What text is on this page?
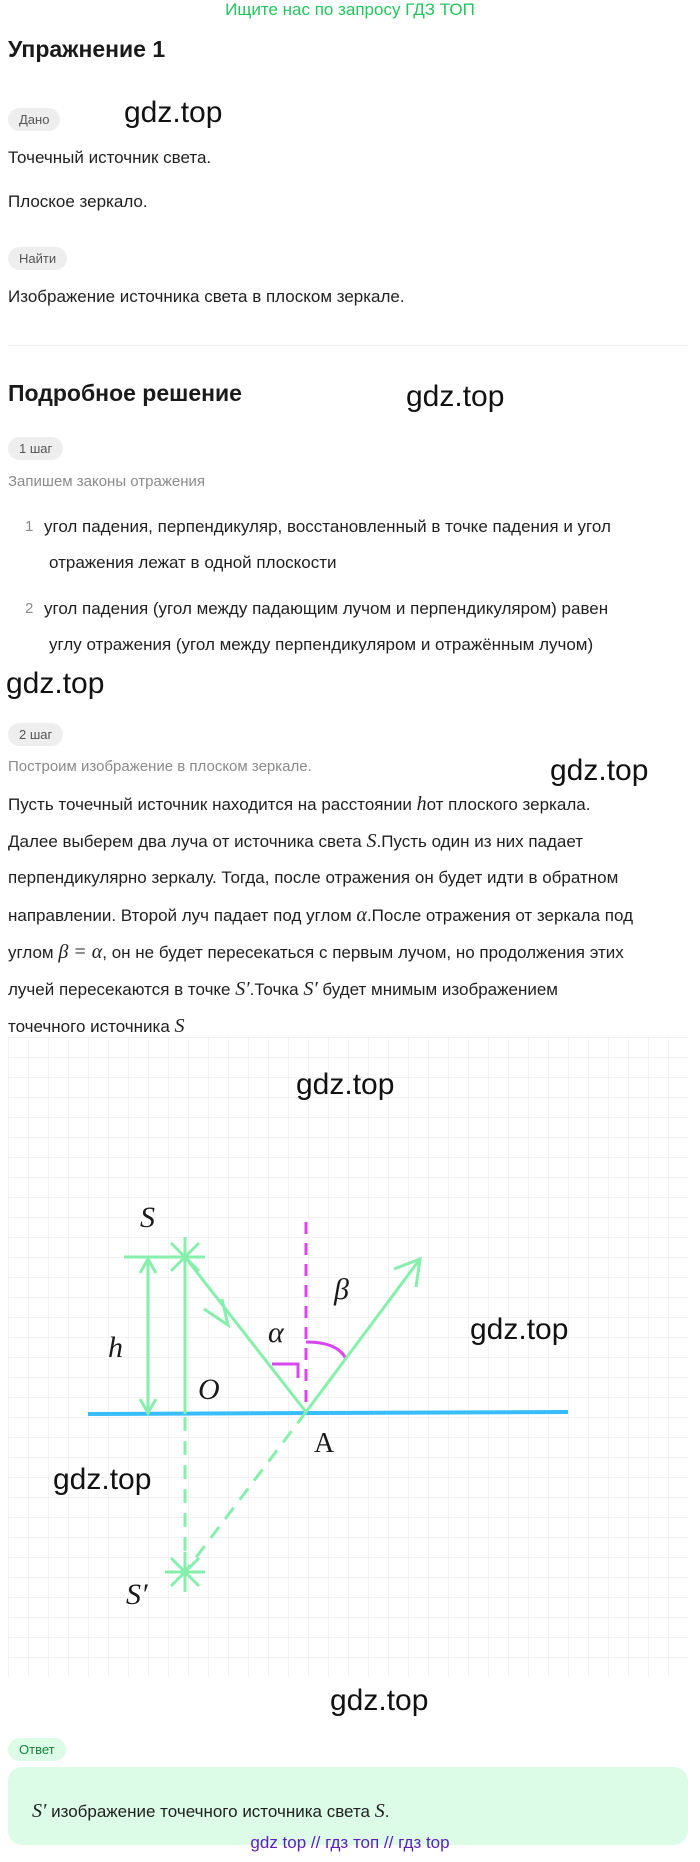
Ищите нас по запросу ГДЗ ТОП
Упражнение 1
Дано	gdz.top
Точечный источник света.
Плоское зеркало.
Найти
Изображение источника света в плоском зеркале.
Подробное решение	gdz.top
1 шаг
Запишем законы отражения
1 угол падения, перпендикуляр, восстановленный в точке падения и угол
отражения лежат в одной плоскости
2 угол падения (угол между падающим лучом и перпендикуляром) равен
углу отражения (угол между перпендикуляром и отражённым лучом)
gdz.top
2 шаг
Построим изображение в плоском зеркале.	gdz.top
Пусть точечный источник находится на расстоянии hот плоского зеркала.
Далее выберем два луча от источника света S.Пусть один из них падает
перпендикулярно зеркалу. Тогда, после отражения он будет идти в обратном
направлении. Второй луч падает под углом α.После отражения от зеркала под
углом β = α, он не будет пересекаться с первым лучом, но продолжения этих
лучей пересекаются в точке S′.Точка S′ будет мнимым изображением
точечного источника S
S
h
O
A
α
β
S′
gdz.top
gdz.top
gdz.top
gdz.top
Ответ
S′ изображение точечного источника света S.
gdz top // гдз топ // гдз top
